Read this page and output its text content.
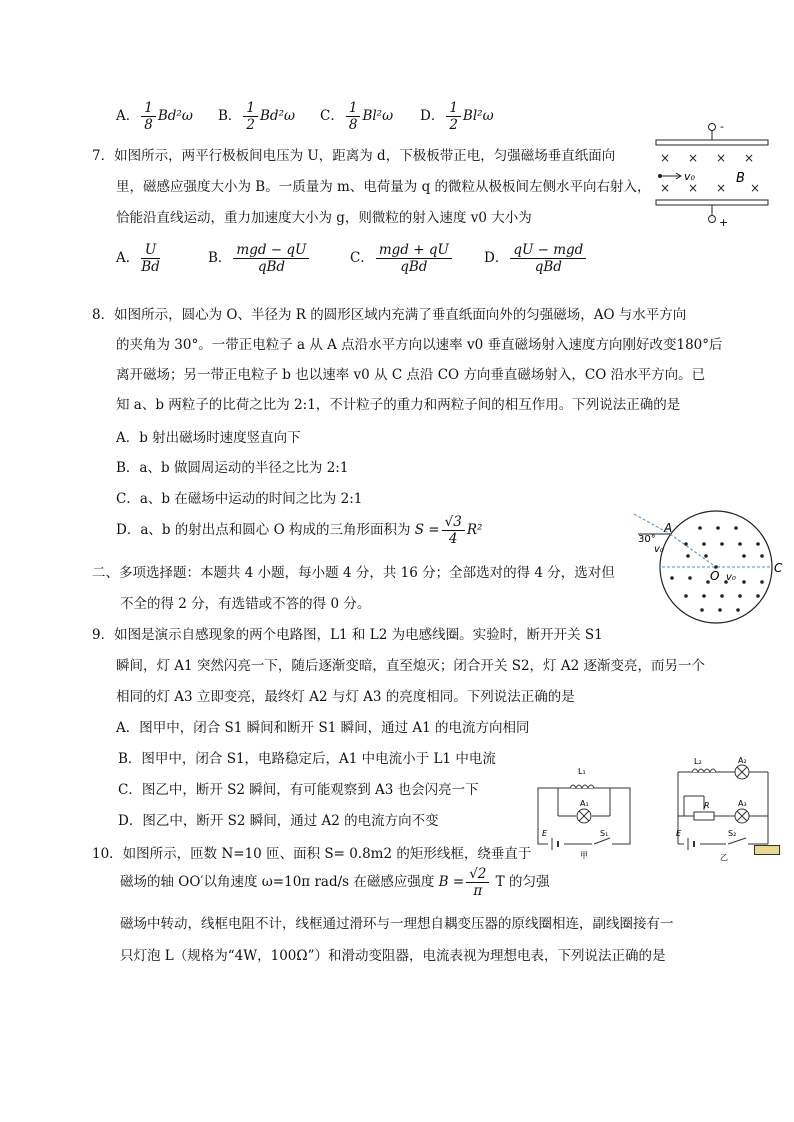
A． $\frac{1}{8} Bd^2\omega$ B． $\frac{1}{2} Bd^2\omega$ C． $\frac{1}{8} Bl^2\omega$ D． $\frac{1}{2} Bl^2\omega$
7．如图所示，两平行极板间电压为 U，距离为 d，下极板带正电，匀强磁场垂直纸面向
里，磁感应强度大小为 B。一质量为 m、电荷量为 q 的微粒从极板间左侧水平向右射入，
恰能沿直线运动，重力加速度大小为 g，则微粒的射入速度 v0 大小为
A． $\frac{U}{Bd}$	B． $\frac{\text{mgd − qU}}{\text{qBd}}$	C． $\frac{\text{mgd + qU}}{\text{qBd}}$ D． $\frac{\text{qU − mgd}}{\text{qBd}}$
-
× × × ×
× × ×
×
v₀	B
+
8．如图所示，圆心为 O、半径为 R 的圆形区域内充满了垂直纸面向外的匀强磁场，AO 与水平方向
的夹角为 30°。一带正电粒子 a 从 A 点沿水平方向以速率 v0 垂直磁场射入速度方向刚好改变180°后
离开磁场；另一带正电粒子 b 也以速率 v0 从 C 点沿 CO 方向垂直磁场射入，CO 沿水平方向。已
知 a、b 两粒子的比荷之比为 2:1，不计粒子的重力和两粒子间的相互作用。下列说法正确的是
A．b 射出磁场时速度竖直向下
B．a、b 做圆周运动的半径之比为 2:1
C．a、b 在磁场中运动的时间之比为 2:1
D．a、b 的射出点和圆心 O 构成的三角形面积为 $S = \frac{√3}{4} R^2$
30°
A
v₀
O v₀
C
二、多项选择题：本题共 4 小题，每小题 4 分，共 16 分；全部选对的得 4 分，选对但
不全的得 2 分，有选错或不答的得 0 分。
9．如图是演示自感现象的两个电路图，L1 和 L2 为电感线圈。实验时，断开开关 S1
瞬间，灯 A1 突然闪亮一下，随后逐渐变暗，直至熄灭；闭合开关 S2，灯 A2 逐渐变亮，而另一个
相同的灯 A3 立即变亮，最终灯 A2 与灯 A3 的亮度相同。下列说法正确的是
A．图甲中，闭合 S1 瞬间和断开 S1 瞬间，通过 A1 的电流方向相同
B．图甲中，闭合 S1，电路稳定后，A1 中电流小于 L1 中电流
C．图乙中，断开 S2 瞬间，有可能观察到 A3 也会闪亮一下
D．图乙中，断开 S2 瞬间，通过 A2 的电流方向不变
L₁
A₁
E	S₁
甲
L₂	A₂
R	A₃
E	S₂
乙
10．如图所示，匝数 N=10 匝、面积 S= 0.8m2 的矩形线框，绕垂直于
磁场的轴 OO′以角速度 ω=10π rad/s 在磁感应强度 $B = \frac{√2}{\pi}$ T 的匀强
磁场中转动，线框电阻不计，线框通过滑环与一理想自耦变压器的原线圈相连，副线圈接有一
只灯泡 L（规格为“4W，100Ω”）和滑动变阻器，电流表视为理想电表，下列说法正确的是
